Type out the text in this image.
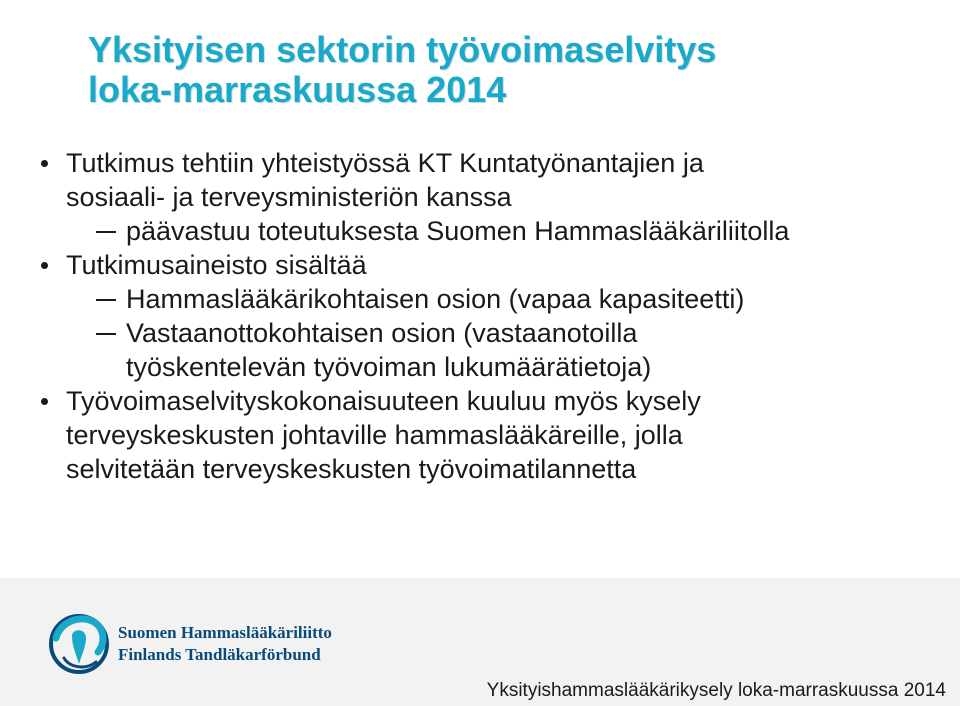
Yksityisen sektorin työvoimaselvitys
loka-marraskuussa 2014
Tutkimus tehtiin yhteistyössä KT Kuntatyönantajien ja
sosiaali- ja terveysministeriön kanssa
päävastuu toteutuksesta Suomen Hammaslääkäriliitolla
Tutkimusaineisto sisältää
Hammaslääkärikohtaisen osion (vapaa kapasiteetti)
Vastaanottokohtaisen osion (vastaanotoilla
työskentelevän työvoiman lukumäärätietoja)
Työvoimaselvityskokonaisuuteen kuuluu myös kysely
terveyskeskusten johtaville hammaslääkäreille, jolla
selvitetään terveyskeskusten työvoimatilannetta
Suomen Hammaslääkäriliitto
Finlands Tandläkarförbund
Yksityishammaslääkärikysely loka-marraskuussa 2014
